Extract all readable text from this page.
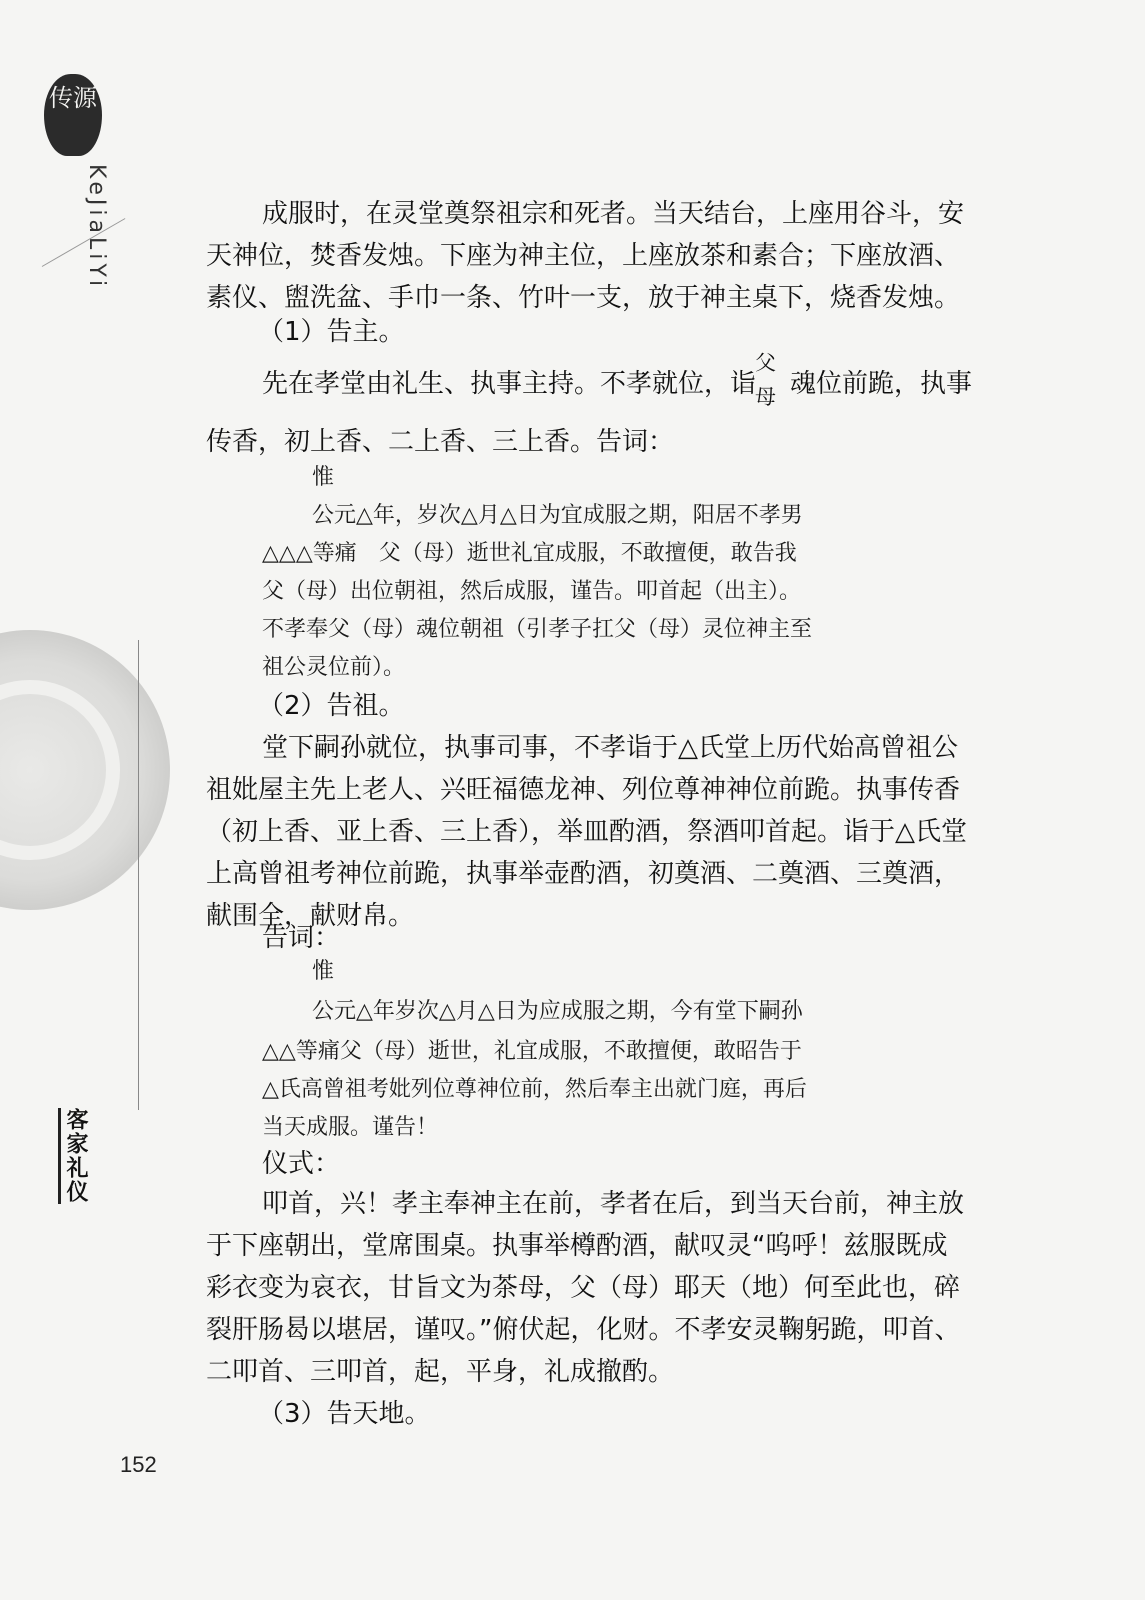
传源
KeJiaLiYi
客家礼仪
152
成服时，在灵堂奠祭祖宗和死者。当天结台，上座用谷斗，安
天神位，焚香发烛。下座为神主位，上座放茶和素合；下座放酒、
素仪、盥洗盆、手巾一条、竹叶一支，放于神主桌下，烧香发烛。
（1）告主。
先在孝堂由礼生、执事主持。不孝就位，诣 魂位前跪，执事
父
母
传香，初上香、二上香、三上香。告词：
惟
公元△年，岁次△月△日为宜成服之期，阳居不孝男
△△△等痛　父（母）逝世礼宜成服，不敢擅便，敢告我
父（母）出位朝祖，然后成服，谨告。叩首起（出主）。
不孝奉父（母）魂位朝祖（引孝子扛父（母）灵位神主至
祖公灵位前）。
（2）告祖。
堂下嗣孙就位，执事司事，不孝诣于△氏堂上历代始高曾祖公
祖妣屋主先上老人、兴旺福德龙神、列位尊神神位前跪。执事传香
（初上香、亚上香、三上香），举皿酌酒，祭酒叩首起。诣于△氏堂
上高曾祖考神位前跪，执事举壶酌酒，初奠酒、二奠酒、三奠酒，
献围全，献财帛。
告词：
惟
公元△年岁次△月△日为应成服之期，今有堂下嗣孙
△△等痛父（母）逝世，礼宜成服，不敢擅便，敢昭告于
△氏高曾祖考妣列位尊神位前，然后奉主出就门庭，再后
当天成服。谨告！
仪式：
叩首，兴！孝主奉神主在前，孝者在后，到当天台前，神主放
于下座朝出，堂席围桌。执事举樽酌酒，献叹灵“呜呼！兹服既成
彩衣变为哀衣，甘旨文为茶母，父（母）耶天（地）何至此也，碎
裂肝肠曷以堪居，谨叹。”俯伏起，化财。不孝安灵鞠躬跪，叩首、
二叩首、三叩首，起，平身，礼成撤酌。
（3）告天地。
